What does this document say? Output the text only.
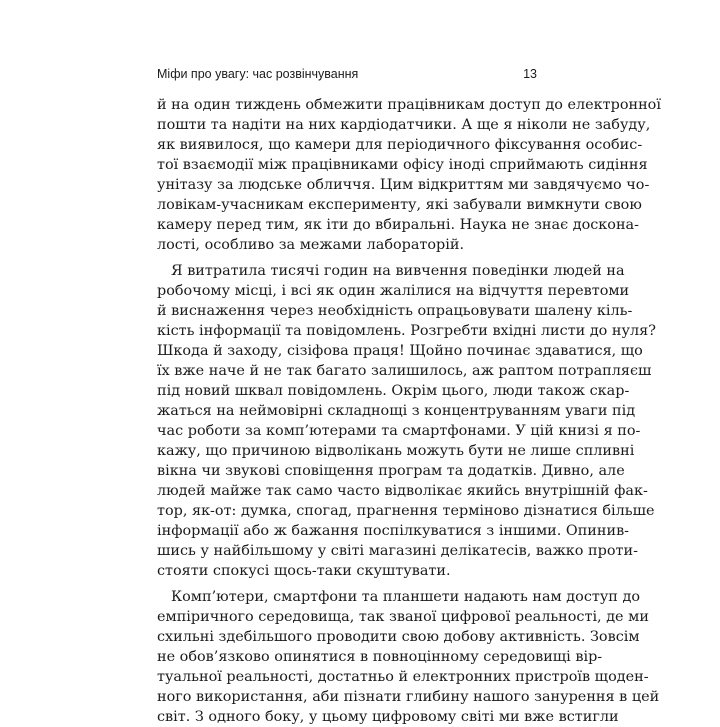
Міфи про увагу: час розвінчування	13
й на один тиждень обмежити працівникам доступ до електронної
пошти та надіти на них кардіодатчики. А ще я ніколи не забуду,
як виявилося, що камери для періодичного фіксування особис-
тої взаємодії між працівниками офісу іноді сприймають сидіння
унітазу за людське обличчя. Цим відкриттям ми завдячуємо чо-
ловікам-учасникам експерименту, які забували вимкнути свою
камеру перед тим, як іти до вбиральні. Наука не знає доскона-
лості, особливо за межами лабораторій.
Я витратила тисячі годин на вивчення поведінки людей на
робочому місці, і всі як один жалілися на відчуття перевтоми
й виснаження через необхідність опрацьовувати шалену кіль-
кість інформації та повідомлень. Розгребти вхідні листи до нуля?
Шкода й заходу, сізіфова праця! Щойно починає здаватися, що
їх вже наче й не так багато залишилось, аж раптом потрапляєш
під новий шквал повідомлень. Окрім цього, люди також скар-
жаться на неймовірні складнощі з концентруванням уваги під
час роботи за комп’ютерами та смартфонами. У цій книзі я по-
кажу, що причиною відволікань можуть бути не лише спливні
вікна чи звукові сповіщення програм та додатків. Дивно, але
людей майже так само часто відволікає якийсь внутрішній фак-
тор, як-от: думка, спогад, прагнення терміново дізнатися більше
інформації або ж бажання поспілкуватися з іншими. Опинив-
шись у найбільшому у світі магазині делікатесів, важко проти-
стояти спокусі щось-таки скуштувати.
Комп’ютери, смартфони та планшети надають нам доступ до
емпіричного середовища, так званої цифрової реальності, де ми
схильні здебільшого проводити свою добову активність. Зовсім
не обов’язково опинятися в повноцінному середовищі вір-
туальної реальності, достатньо й електронних пристроїв щоден-
ного використання, аби пізнати глибину нашого занурення в цей
світ. З одного боку, у цьому цифровому світі ми вже встигли
